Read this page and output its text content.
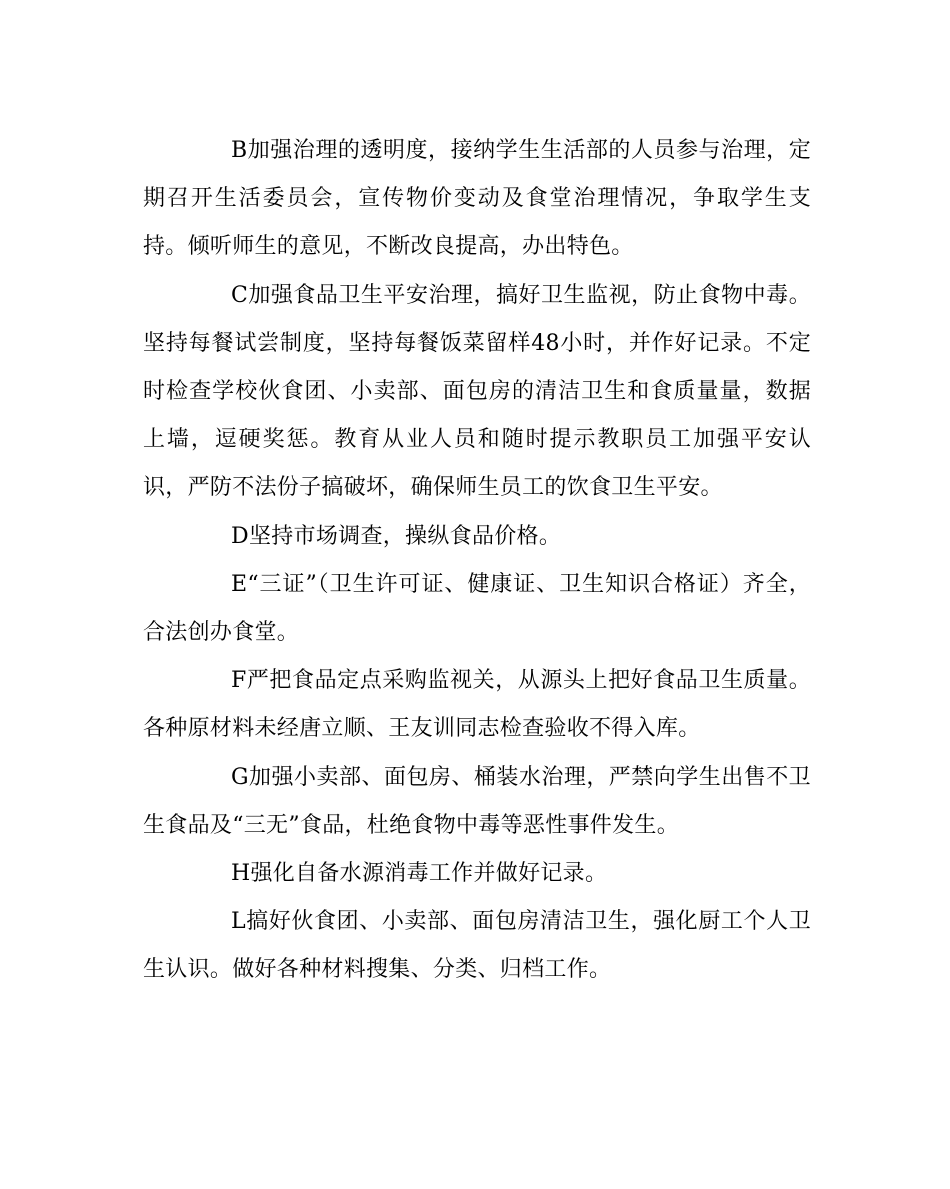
B加强治理的透明度，接纳学生生活部的人员参与治理，定期召开生活委员会，宣传物价变动及食堂治理情况，争取学生支持。倾听师生的意见，不断改良提高，办出特色。

C加强食品卫生平安治理，搞好卫生监视，防止食物中毒。坚持每餐试尝制度，坚持每餐饭菜留样48小时，并作好记录。不定时检查学校伙食团、小卖部、面包房的清洁卫生和食质量量，数据上墙，逗硬奖惩。教育从业人员和随时提示教职员工加强平安认识，严防不法份子搞破坏，确保师生员工的饮食卫生平安。

D坚持市场调查，操纵食品价格。

E“三证”（卫生许可证、健康证、卫生知识合格证）齐全，合法创办食堂。

F严把食品定点采购监视关，从源头上把好食品卫生质量。各种原材料未经唐立顺、王友训同志检查验收不得入库。

G加强小卖部、面包房、桶装水治理，严禁向学生出售不卫生食品及“三无”食品，杜绝食物中毒等恶性事件发生。

H强化自备水源消毒工作并做好记录。

L搞好伙食团、小卖部、面包房清洁卫生，强化厨工个人卫生认识。做好各种材料搜集、分类、归档工作。
